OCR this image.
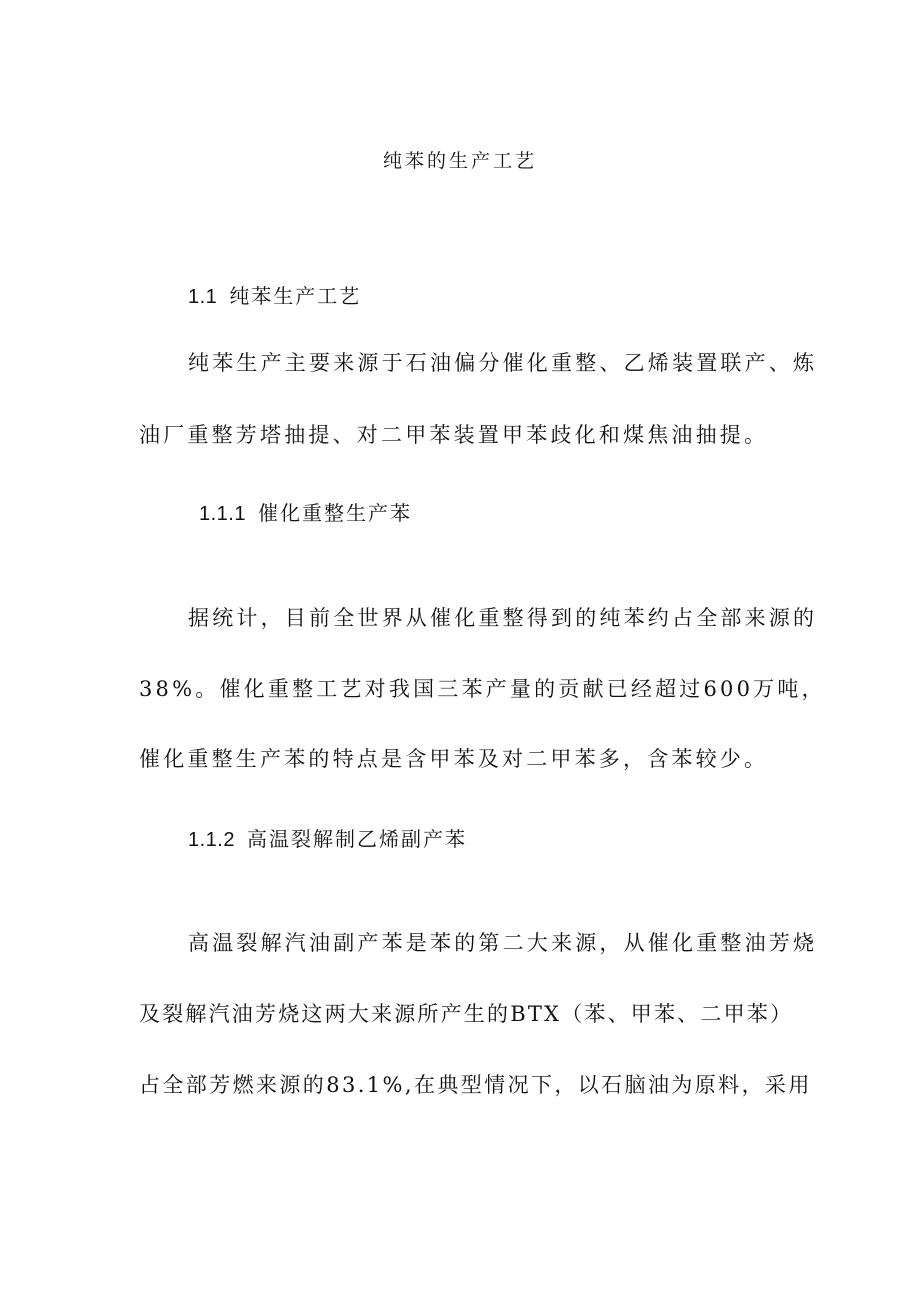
纯苯的生产工艺
1.1 纯苯生产工艺
纯苯生产主要来源于石油偏分催化重整、乙烯装置联产、炼
油厂重整芳塔抽提、对二甲苯装置甲苯歧化和煤焦油抽提。
1.1.1 催化重整生产苯
据统计，目前全世界从催化重整得到的纯苯约占全部来源的
38%。催化重整工艺对我国三苯产量的贡献已经超过600万吨，
催化重整生产苯的特点是含甲苯及对二甲苯多，含苯较少。
1.1.2 高温裂解制乙烯副产苯
高温裂解汽油副产苯是苯的第二大来源，从催化重整油芳烧
及裂解汽油芳烧这两大来源所产生的BTX（苯、甲苯、二甲苯）
占全部芳燃来源的83.1%,在典型情况下，以石脑油为原料，采用
